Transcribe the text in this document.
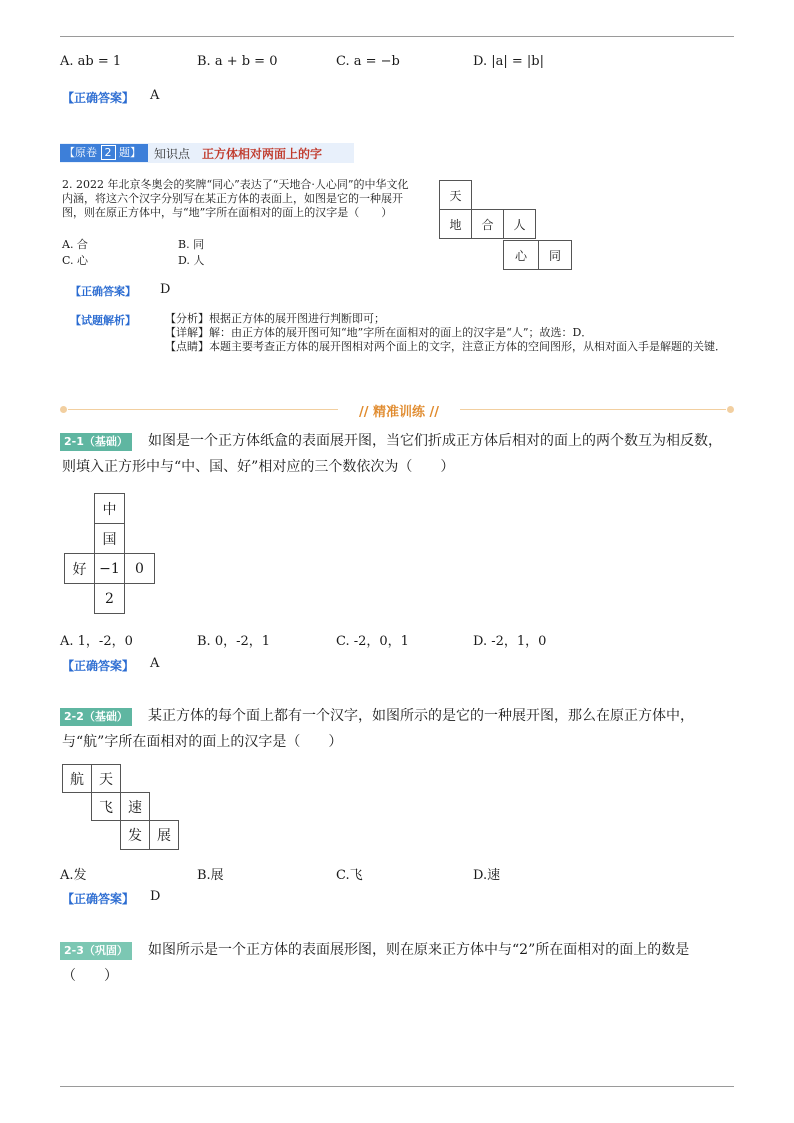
A. ab = 1	B. a + b = 0	C. a = −b	D. |a| = |b|
【正确答案】 A
【原卷 2 题】	知识点 正方体相对两面上的字
2. 2022 年北京冬奥会的奖牌“同心”表达了“天地合·人心同”的中华文化内涵，将这六个汉字分别写在某正方体的表面上，如图是它的一种展开图，则在原正方体中，与“地”字所在面相对的面上的汉字是（　　）
A. 合	B. 同
C. 心	D. 人
天
地	合	人
心	同
【正确答案】 D
【试题解析】	【分析】根据正方体的展开图进行判断即可；
【详解】解：由正方体的展开图可知“地”字所在面相对的面上的汉字是“人”；故选：D．
【点睛】本题主要考查正方体的展开图相对两个面上的文字，注意正方体的空间图形，从相对面入手是解题的关键．
// 精准训练 //
2-1（基础）	如图是一个正方体纸盒的表面展开图，当它们折成正方体后相对的面上的两个数互为相反数，则填入正方形中与“中、国、好”相对应的三个数依次为（　　）
中
国
好 −1	0
2
A. 1，-2，0	B. 0，-2，1	C. -2，0，1	D. -2，1，0
【正确答案】 A
2-2（基础）	某正方体的每个面上都有一个汉字，如图所示的是它的一种展开图，那么在原正方体中，与“航”字所在面相对的面上的汉字是（　　）
航	天
飞	速
发	展
A.发	B.展	C.飞	D.速
【正确答案】 D
2-3（巩固）	如图所示是一个正方体的表面展形图，则在原来正方体中与“2”所在面相对的面上的数是（　　）
